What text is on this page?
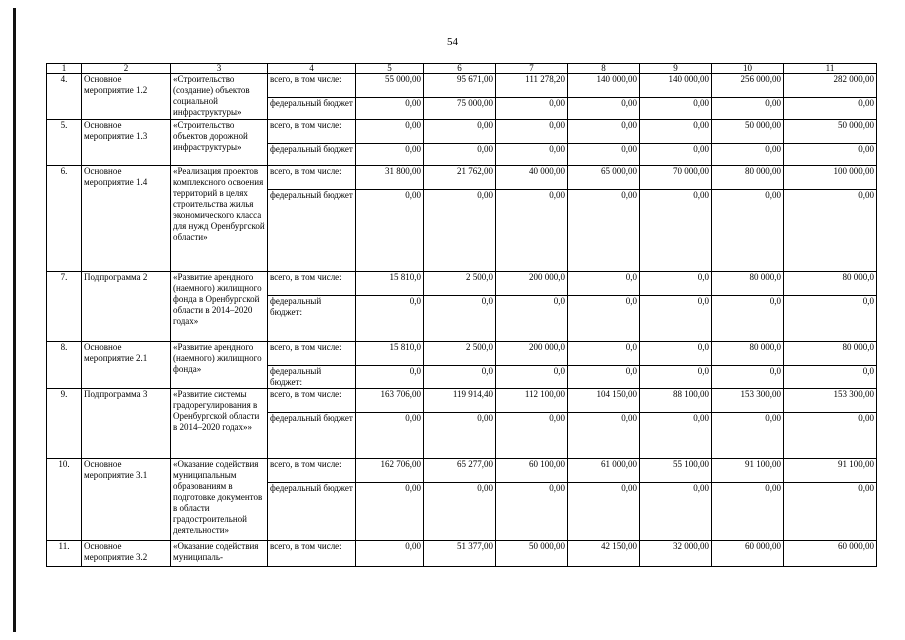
54
1	2	3	4	5	6	7	8	9	10	11
4.	Основное мероприятие 1.2	«Строительство (создание) объектов социальной инфраструктуры»	всего, в том числе:	55 000,00	95 671,00	111 278,20	140 000,00	140 000,00	256 000,00	282 000,00
			федеральный бюджет	0,00	75 000,00	0,00	0,00	0,00	0,00	0,00
5.	Основное мероприятие 1.3	«Строительство объектов дорожной инфраструктуры»	всего, в том числе:	0,00	0,00	0,00	0,00	0,00	50 000,00	50 000,00
			федеральный бюджет	0,00	0,00	0,00	0,00	0,00	0,00	0,00
6.	Основное мероприятие 1.4	«Реализация проектов комплексного освоения территорий в целях строительства жилья экономического класса для нужд Оренбургской области»	всего, в том числе:	31 800,00	21 762,00	40 000,00	65 000,00	70 000,00	80 000,00	100 000,00
			федеральный бюджет	0,00	0,00	0,00	0,00	0,00	0,00	0,00
7.	Подпрограмма 2	«Развитие арендного (наемного) жилищного фонда в Оренбургской области в 2014–2020 годах»	всего, в том числе:	15 810,0	2 500,0	200 000,0	0,0	0,0	80 000,0	80 000,0
			федеральный бюджет:	0,0	0,0	0,0	0,0	0,0	0,0	0,0
8.	Основное мероприятие 2.1	«Развитие арендного (наемного) жилищного фонда»	всего, в том числе:	15 810,0	2 500,0	200 000,0	0,0	0,0	80 000,0	80 000,0
			федеральный бюджет:	0,0	0,0	0,0	0,0	0,0	0,0	0,0
9.	Подпрограмма 3	«Развитие системы градорегулирования в Оренбургской области в 2014–2020 годах»»	всего, в том числе:	163 706,00	119 914,40	112 100,00	104 150,00	88 100,00	153 300,00	153 300,00
			федеральный бюджет	0,00	0,00	0,00	0,00	0,00	0,00	0,00
10.	Основное мероприятие 3.1	«Оказание содействия муниципальным образованиям в подготовке документов в области градостроительной деятельности»	всего, в том числе:	162 706,00	65 277,00	60 100,00	61 000,00	55 100,00	91 100,00	91 100,00
			федеральный бюджет	0,00	0,00	0,00	0,00	0,00	0,00	0,00
11.	Основное мероприятие 3.2	«Оказание содействия муниципаль-	всего, в том числе:	0,00	51 377,00	50 000,00	42 150,00	32 000,00	60 000,00	60 000,00
